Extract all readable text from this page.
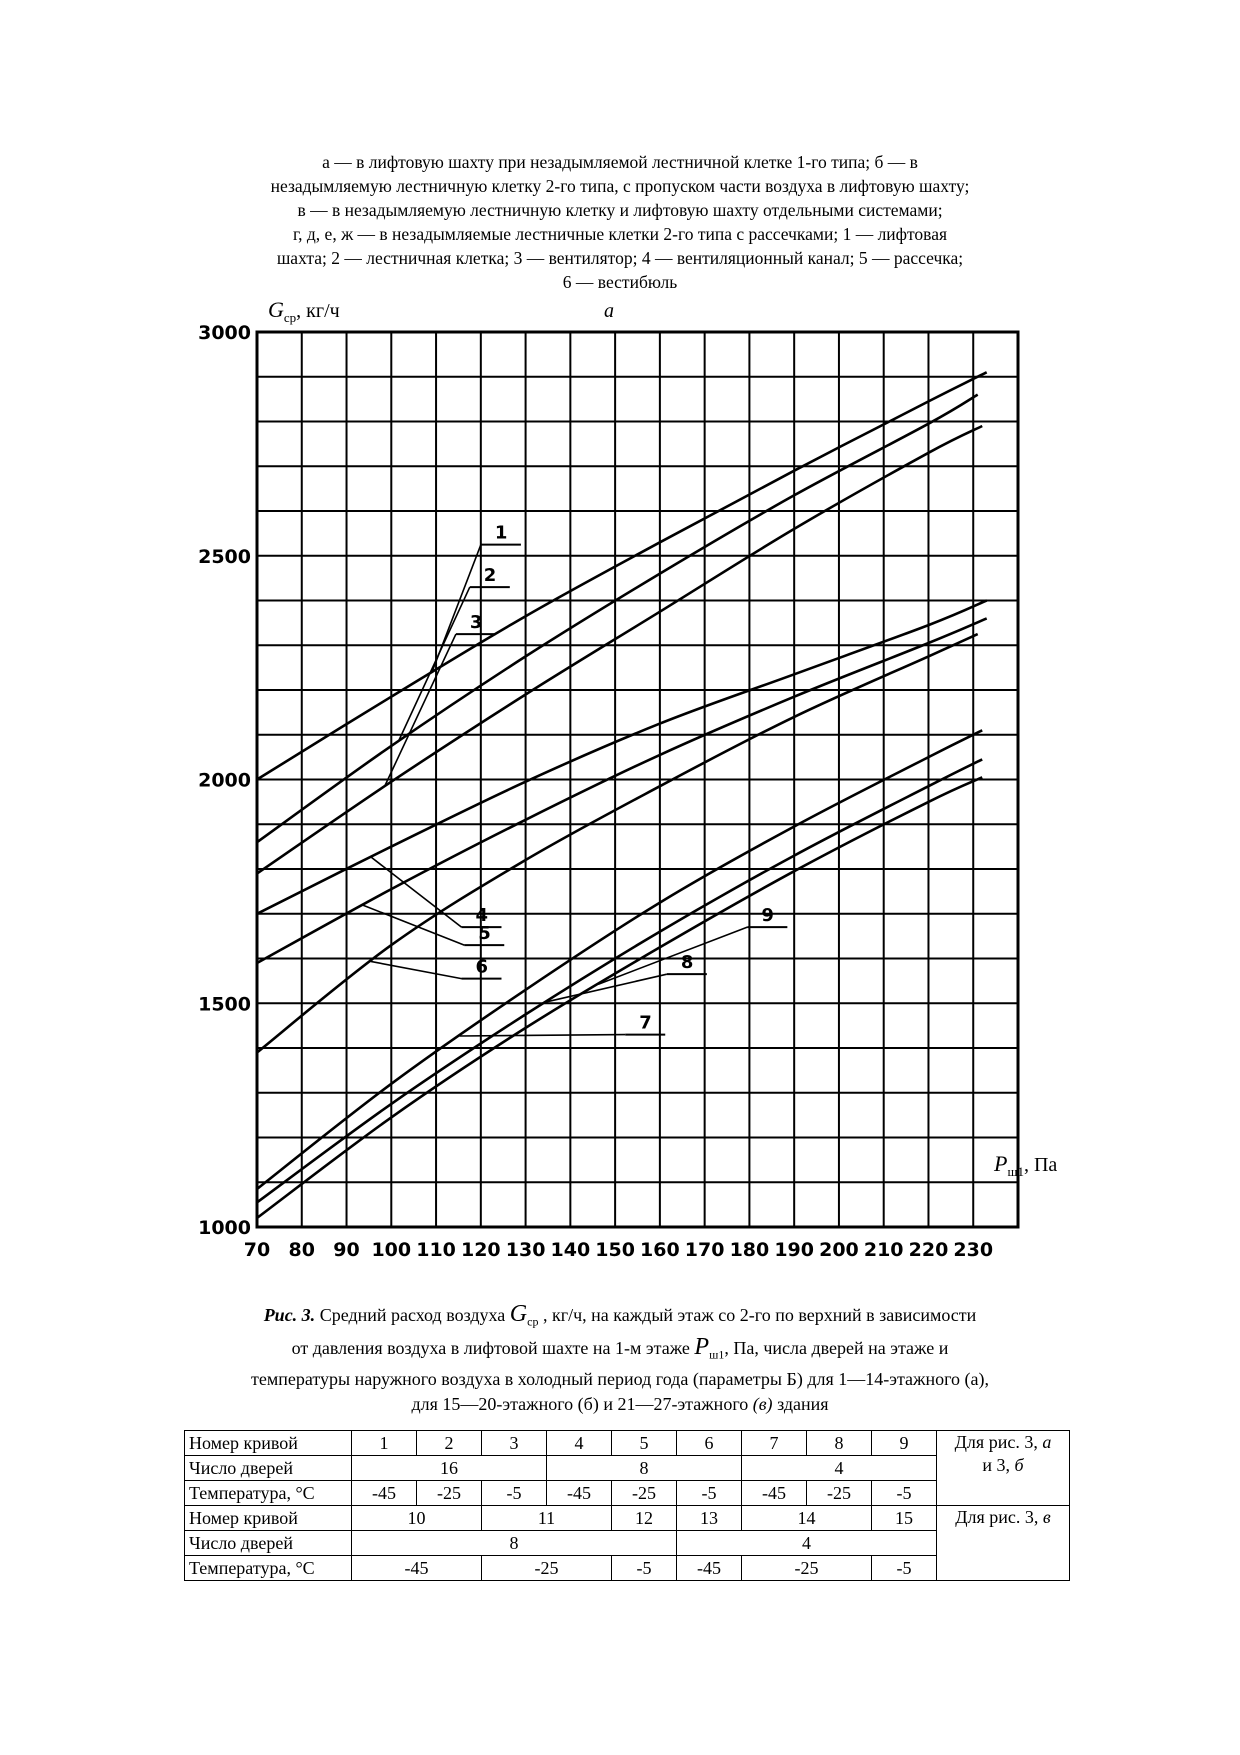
а — в лифтовую шахту при незадымляемой лестничной клетке 1-го типа; б — в
незадымляемую лестничную клетку 2-го типа, с пропуском части воздуха в лифтовую шахту;
в — в незадымляемую лестничную клетку и лифтовую шахту отдельными системами;
г, д, е, ж — в незадымляемые лестничные клетки 2-го типа с рассечками; 1 — лифтовая
шахта; 2 — лестничная клетка; 3 — вентилятор; 4 — вентиляционный канал; 5 — рассечка;
6 — вестибюль
70 80 90 100 110 120 130 140 150 160 170 180 190 200 210 220 230
1000
1500
2000
2500
3000
1
2
3
4
5
6
7
8
9
$G_{ср}$, кг/ч	а
$P_{ш1}$, Па
Рис. 3. Средний расход воздуха $G_{ср}$ , кг/ч, на каждый этаж со 2-го по верхний в зависимости
от давления воздуха в лифтовой шахте на 1-м этаже $P_{ш1}$, Па, числа дверей на этаже и
температуры наружного воздуха в холодный период года (параметры Б) для 1—14-этажного (а),
для 15—20-этажного (б) и 21—27-этажного (в) здания
Номер кривой	1	2	3	4	5	6	7	8	9	Для рис. 3, а
и 3, б
Число дверей	16			8			4			
Температура, °С	-45	-25	-5	-45	-25	-5	-45	-25	-5	
Номер кривой	10		11		12	13	14		15	Для рис. 3, в
Число дверей	8					4				
Температура, °С	-45		-25		-5	-45	-25		-5	
